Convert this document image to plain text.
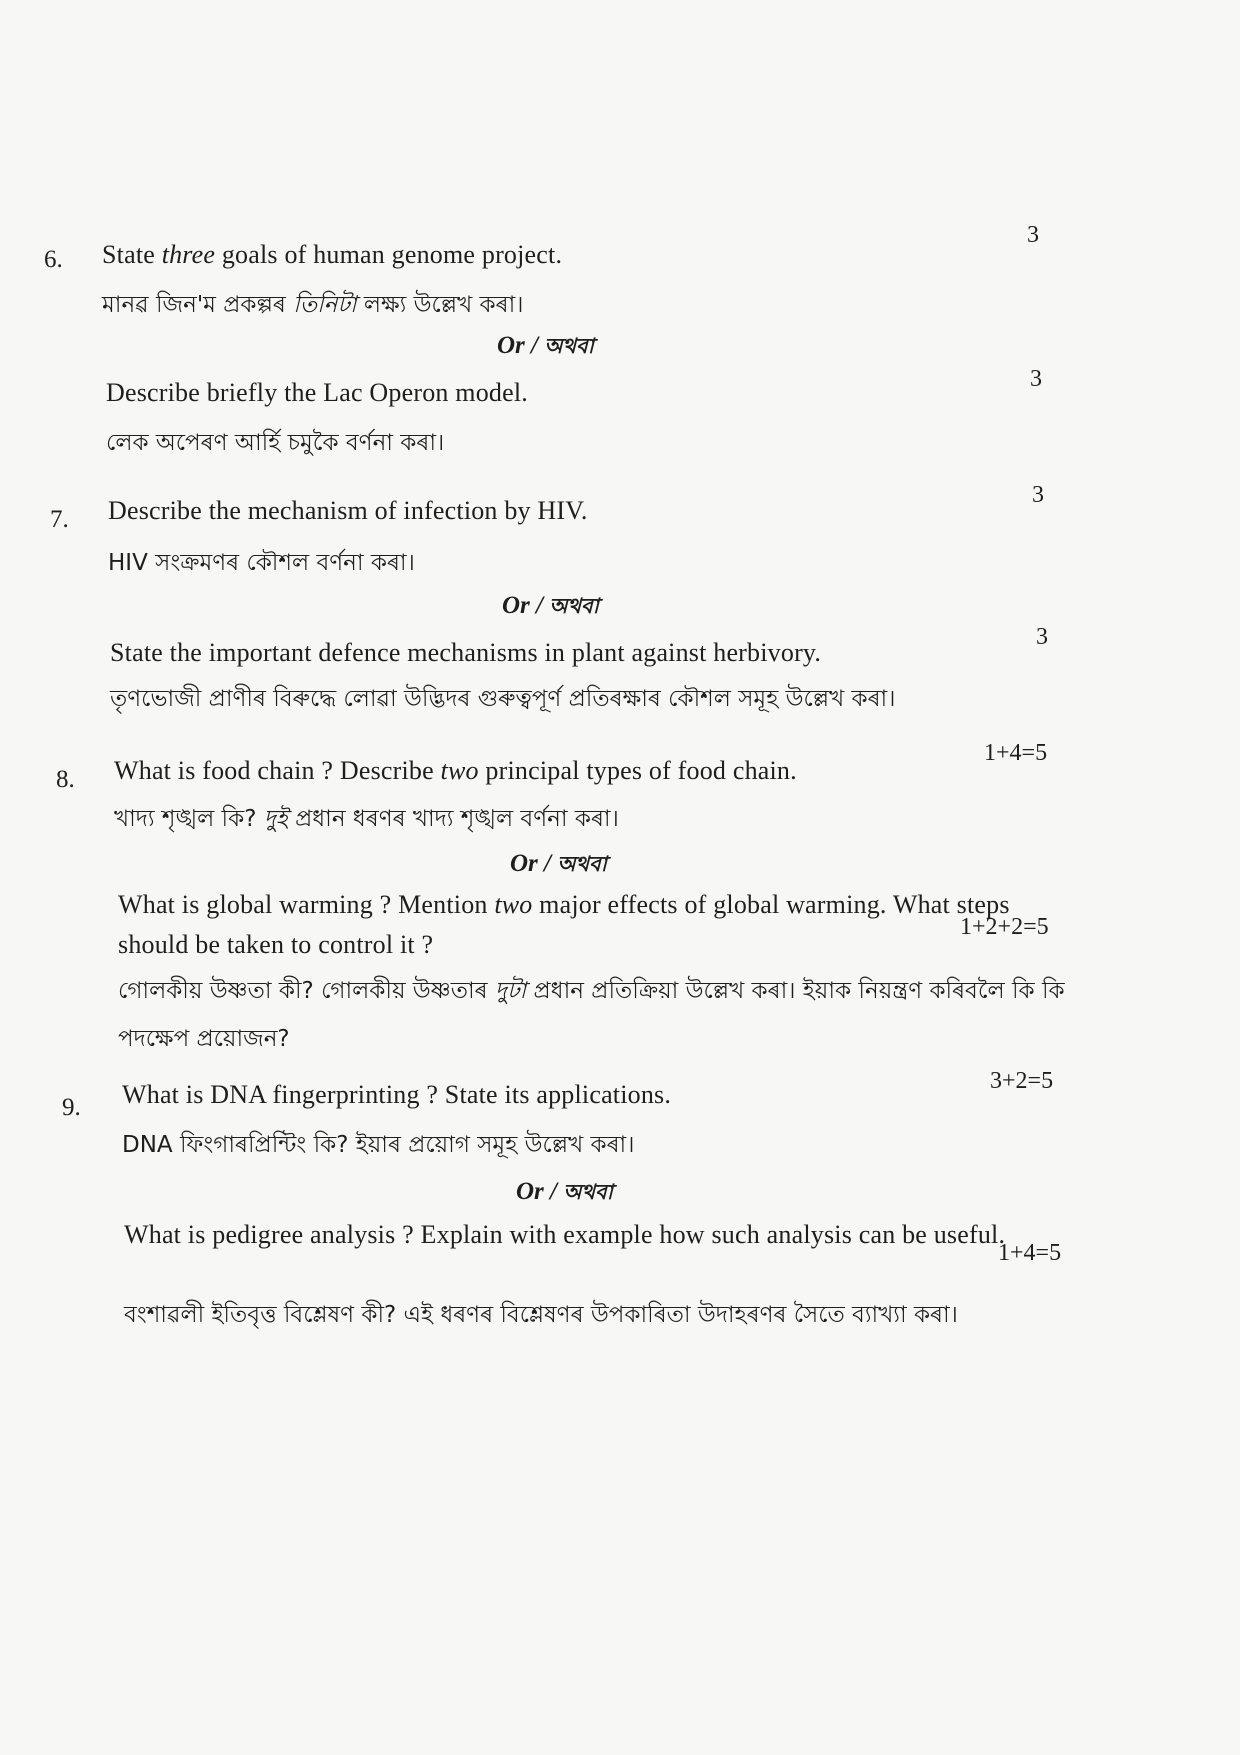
6. State three goals of human genome project.
3
মানৱ জিন'ম প্ৰকল্পৰ তিনিটা লক্ষ্য উল্লেখ কৰা।
Or / অথবা
Describe briefly the Lac Operon model.	3
লেক অপেৰণ আৰ্হি চমুকৈ বৰ্ণনা কৰা।
7. Describe the mechanism of infection by HIV.
3
HIV সংক্ৰমণৰ কৌশল বৰ্ণনা কৰা।
Or / অথবা
State the important defence mechanisms in plant against herbivory.
3
তৃণভোজী প্ৰাণীৰ বিৰুদ্ধে লোৱা উদ্ভিদৰ গুৰুত্বপূৰ্ণ প্ৰতিৰক্ষাৰ কৌশল সমূহ উল্লেখ কৰা।
8. What is food chain ? Describe two principal types of food chain.
1+4=5
খাদ্য শৃঙ্খল কি? দুই প্ৰধান ধৰণৰ খাদ্য শৃঙ্খল বৰ্ণনা কৰা।
Or / অথবা
What is global warming ? Mention two major effects of global warming. What steps
should be taken to control it ?
1+2+2=5
গোলকীয় উষ্ণতা কী? গোলকীয় উষ্ণতাৰ দুটা প্ৰধান প্ৰতিক্ৰিয়া উল্লেখ কৰা। ইয়াক নিয়ন্ত্ৰণ কৰিবলৈ কি কি
পদক্ষেপ প্ৰয়োজন?
9. What is DNA fingerprinting ? State its applications.	3+2=5
DNA ফিংগাৰপ্ৰিন্টিং কি? ইয়াৰ প্ৰয়োগ সমূহ উল্লেখ কৰা।
Or / অথবা
What is pedigree analysis ? Explain with example how such analysis can be useful.
1+4=5
বংশাৱলী ইতিবৃত্ত বিশ্লেষণ কী? এই ধৰণৰ বিশ্লেষণৰ উপকাৰিতা উদাহৰণৰ সৈতে ব্যাখ্যা কৰা।
